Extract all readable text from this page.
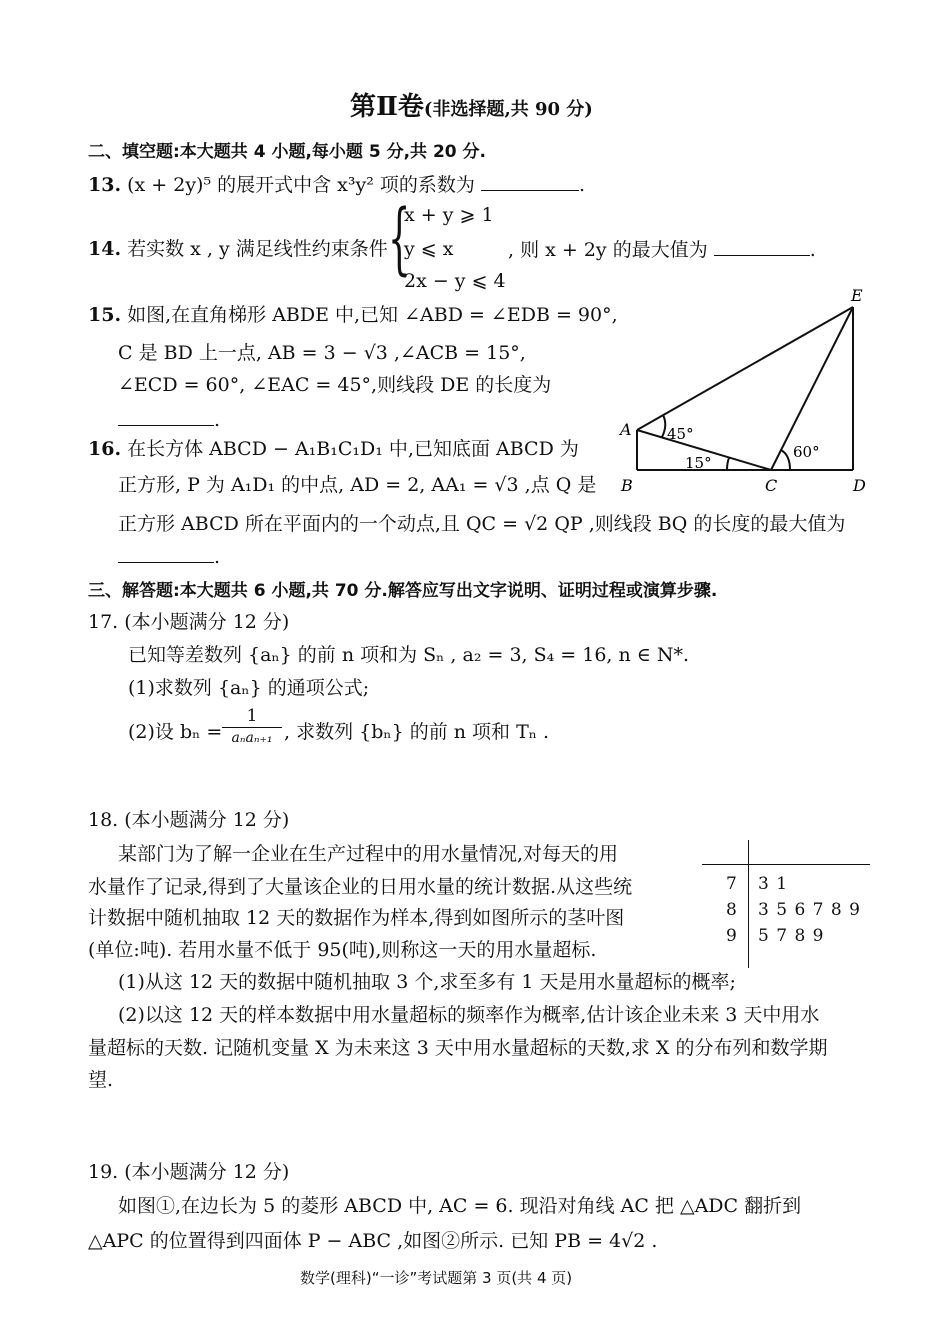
第Ⅱ卷(非选择题,共 90 分)
二、填空题:本大题共 4 小题,每小题 5 分,共 20 分.
13. (x + 2y)⁵ 的展开式中含 x³y² 项的系数为	.
14. 若实数 x , y 满足线性约束条件 {
x + y ⩾ 1
y ⩽ x
2x − y ⩽ 4
, 则 x + 2y 的最大值为	.
15. 如图,在直角梯形 ABDE 中,已知 ∠ABD = ∠EDB = 90°,
C 是 BD 上一点, AB = 3 − √3 ,∠ACB = 15°,
∠ECD = 60°, ∠EAC = 45°,则线段 DE 的长度为
.
E
A
B	C	D
45°
15°
60°
16. 在长方体 ABCD − A₁B₁C₁D₁ 中,已知底面 ABCD 为
正方形, P 为 A₁D₁ 的中点, AD = 2, AA₁ = √3 ,点 Q 是
正方形 ABCD 所在平面内的一个动点,且 QC = √2 QP ,则线段 BQ 的长度的最大值为
.
三、解答题:本大题共 6 小题,共 70 分.解答应写出文字说明、证明过程或演算步骤.
17. (本小题满分 12 分)
已知等差数列 {aₙ} 的前 n 项和为 Sₙ , a₂ = 3, S₄ = 16, n ∈ N*.
(1)求数列 {aₙ} 的通项公式;
(2)设 bₙ =
1
aₙaₙ₊₁ , 求数列 {bₙ} 的前 n 项和 Tₙ .
18. (本小题满分 12 分)
某部门为了解一企业在生产过程中的用水量情况,对每天的用
水量作了记录,得到了大量该企业的日用水量的统计数据.从这些统
计数据中随机抽取 12 天的数据作为样本,得到如图所示的茎叶图
(单位:吨). 若用水量不低于 95(吨),则称这一天的用水量超标.
7 3 1
8 3 5 6 7 8 9
9 5 7 8 9
(1)从这 12 天的数据中随机抽取 3 个,求至多有 1 天是用水量超标的概率;
(2)以这 12 天的样本数据中用水量超标的频率作为概率,估计该企业未来 3 天中用水
量超标的天数. 记随机变量 X 为未来这 3 天中用水量超标的天数,求 X 的分布列和数学期
望.
19. (本小题满分 12 分)
如图①,在边长为 5 的菱形 ABCD 中, AC = 6. 现沿对角线 AC 把 △ADC 翻折到
△APC 的位置得到四面体 P − ABC ,如图②所示. 已知 PB = 4√2 .
数学(理科)“一诊”考试题第 3 页(共 4 页)
